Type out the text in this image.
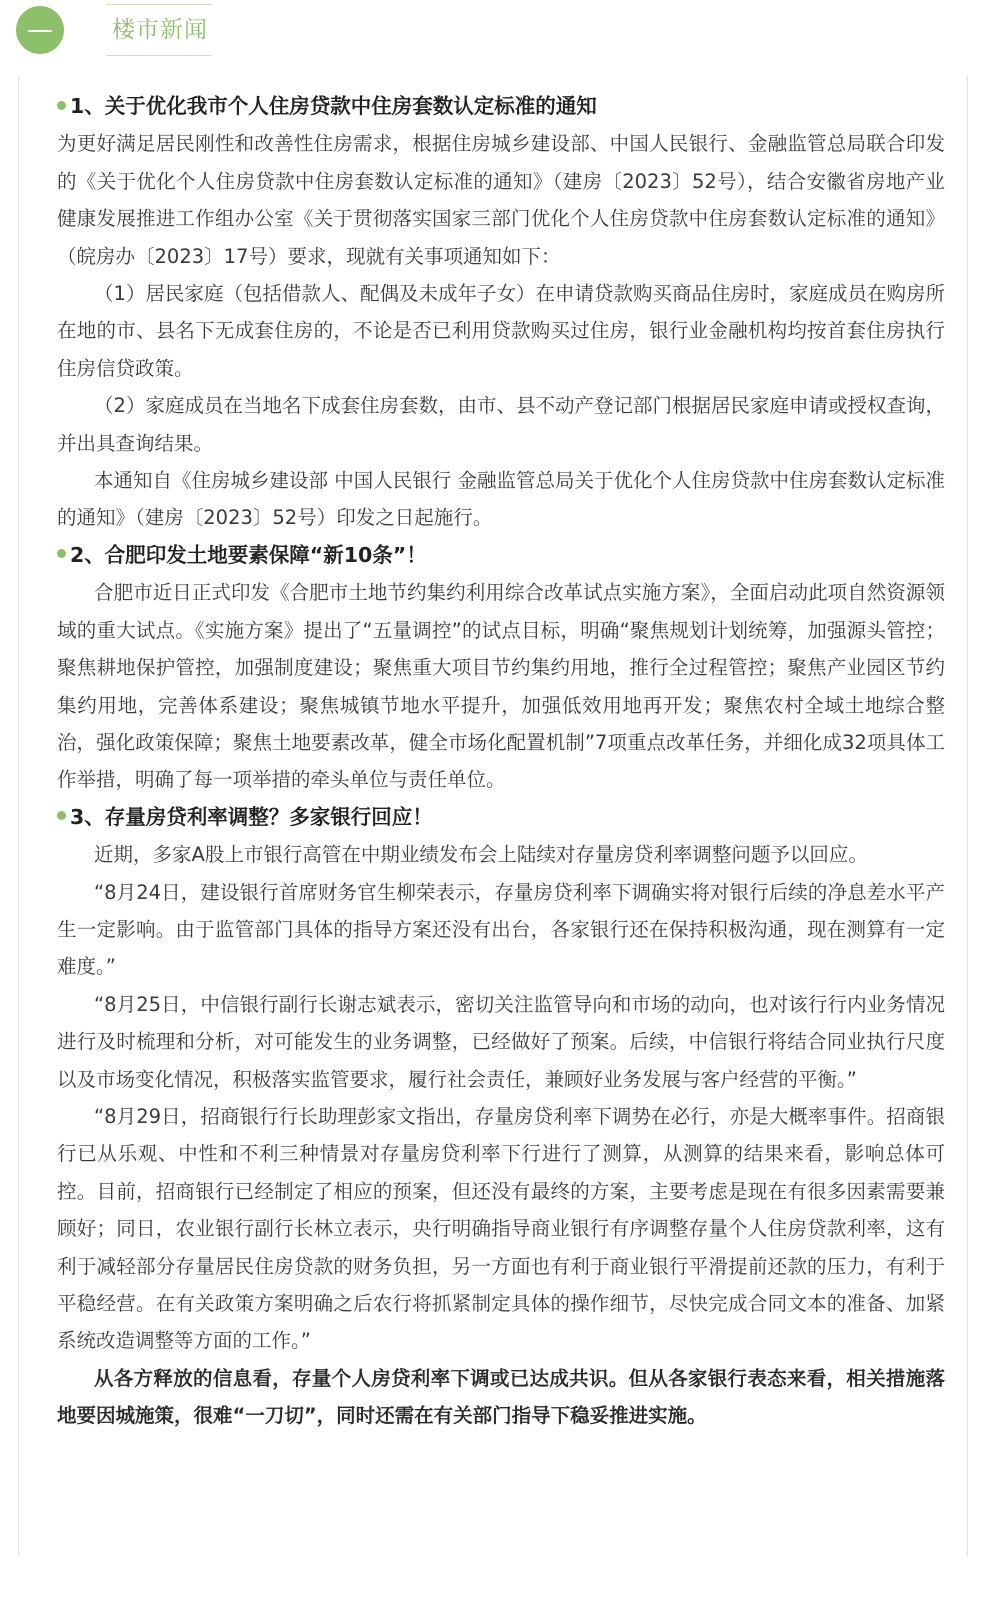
—	楼市新闻

1、关于优化我市个人住房贷款中住房套数认定标准的通知

为更好满足居民刚性和改善性住房需求，根据住房城乡建设部、中国人民银行、金融监管总局联合印发的《关于优化个人住房贷款中住房套数认定标准的通知》（建房〔2023〕52号），结合安徽省房地产业健康发展推进工作组办公室《关于贯彻落实国家三部门优化个人住房贷款中住房套数认定标准的通知》（皖房办〔2023〕17号）要求，现就有关事项通知如下：

（1）居民家庭（包括借款人、配偶及未成年子女）在申请贷款购买商品住房时，家庭成员在购房所在地的市、县名下无成套住房的，不论是否已利用贷款购买过住房，银行业金融机构均按首套住房执行住房信贷政策。

（2）家庭成员在当地名下成套住房套数，由市、县不动产登记部门根据居民家庭申请或授权查询，并出具查询结果。

本通知自《住房城乡建设部 中国人民银行 金融监管总局关于优化个人住房贷款中住房套数认定标准的通知》（建房〔2023〕52号）印发之日起施行。

2、合肥印发土地要素保障“新10条”！

合肥市近日正式印发《合肥市土地节约集约利用综合改革试点实施方案》，全面启动此项自然资源领域的重大试点。《实施方案》提出了“五量调控”的试点目标，明确“聚焦规划计划统筹，加强源头管控；聚焦耕地保护管控，加强制度建设；聚焦重大项目节约集约用地，推行全过程管控；聚焦产业园区节约集约用地，完善体系建设；聚焦城镇节地水平提升，加强低效用地再开发；聚焦农村全域土地综合整治，强化政策保障；聚焦土地要素改革，健全市场化配置机制”7项重点改革任务，并细化成32项具体工作举措，明确了每一项举措的牵头单位与责任单位。

3、存量房贷利率调整？多家银行回应！

近期，多家A股上市银行高管在中期业绩发布会上陆续对存量房贷利率调整问题予以回应。

“8月24日，建设银行首席财务官生柳荣表示，存量房贷利率下调确实将对银行后续的净息差水平产生一定影响。由于监管部门具体的指导方案还没有出台，各家银行还在保持积极沟通，现在测算有一定难度。”

“8月25日，中信银行副行长谢志斌表示，密切关注监管导向和市场的动向，也对该行行内业务情况进行及时梳理和分析，对可能发生的业务调整，已经做好了预案。后续，中信银行将结合同业执行尺度以及市场变化情况，积极落实监管要求，履行社会责任，兼顾好业务发展与客户经营的平衡。”

“8月29日，招商银行行长助理彭家文指出，存量房贷利率下调势在必行，亦是大概率事件。招商银行已从乐观、中性和不利三种情景对存量房贷利率下行进行了测算，从测算的结果来看，影响总体可控。目前，招商银行已经制定了相应的预案，但还没有最终的方案，主要考虑是现在有很多因素需要兼顾好；同日，农业银行副行长林立表示，央行明确指导商业银行有序调整存量个人住房贷款利率，这有利于减轻部分存量居民住房贷款的财务负担，另一方面也有利于商业银行平滑提前还款的压力，有利于平稳经营。在有关政策方案明确之后农行将抓紧制定具体的操作细节，尽快完成合同文本的准备、加紧系统改造调整等方面的工作。”

从各方释放的信息看，存量个人房贷利率下调或已达成共识。但从各家银行表态来看，相关措施落地要因城施策，很难“一刀切”，同时还需在有关部门指导下稳妥推进实施。
